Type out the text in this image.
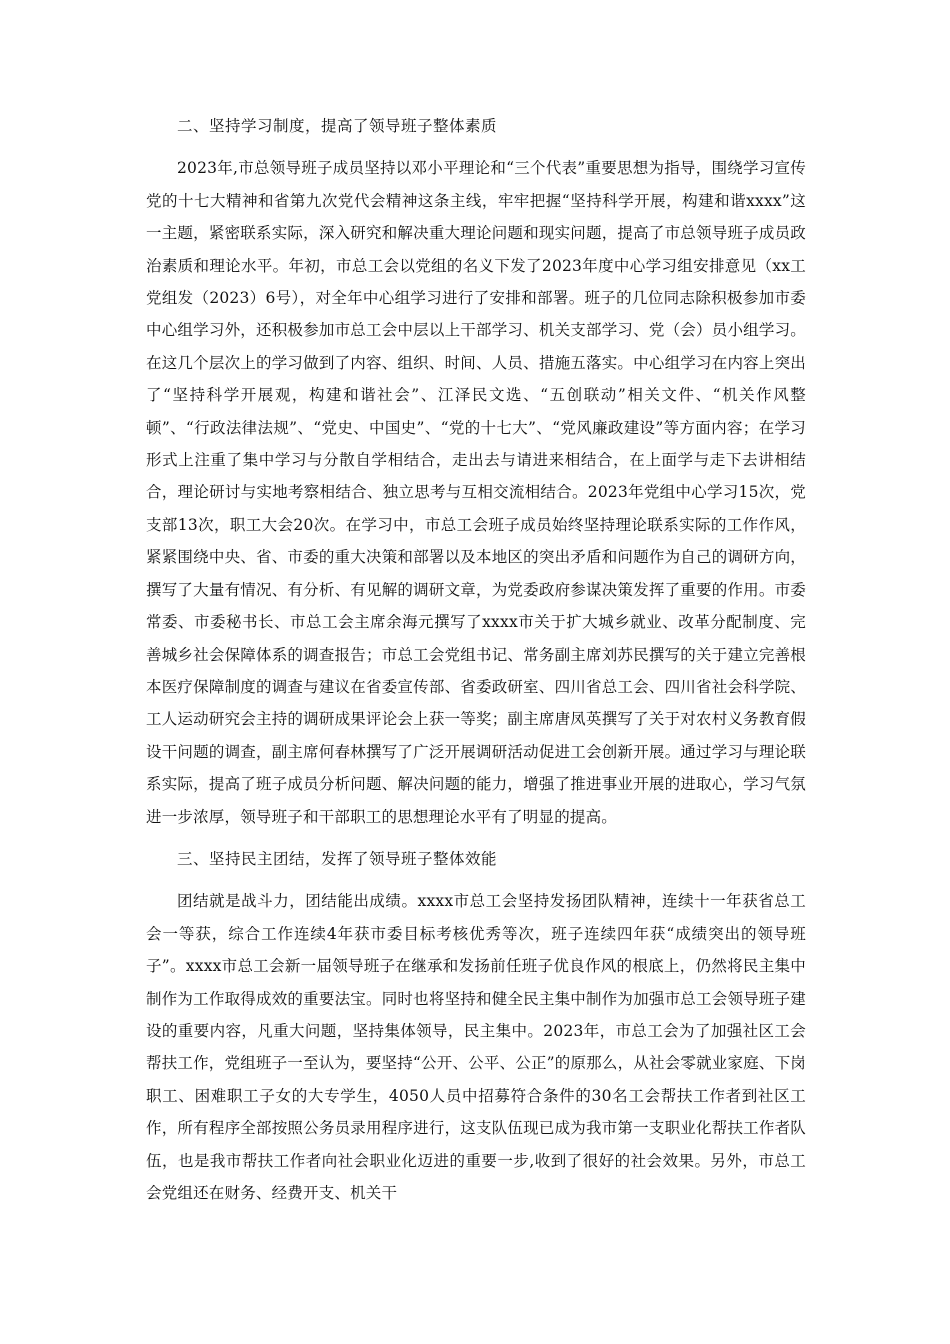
二、坚持学习制度，提高了领导班子整体素质

2023年,市总领导班子成员坚持以邓小平理论和“三个代表”重要思想为指导，围绕学习宣传党的十七大精神和省第九次党代会精神这条主线，牢牢把握“坚持科学开展，构建和谐xxxx”这一主题，紧密联系实际，深入研究和解决重大理论问题和现实问题，提高了市总领导班子成员政治素质和理论水平。年初，市总工会以党组的名义下发了2023年度中心学习组安排意见（xx工党组发（2023）6号），对全年中心组学习进行了安排和部署。班子的几位同志除积极参加市委中心组学习外，还积极参加市总工会中层以上干部学习、机关支部学习、党（会）员小组学习。在这几个层次上的学习做到了内容、组织、时间、人员、措施五落实。中心组学习在内容上突出了“坚持科学开展观，构建和谐社会”、江泽民文选、“五创联动”相关文件、“机关作风整顿”、“行政法律法规”、“党史、中国史”、“党的十七大”、“党风廉政建设”等方面内容；在学习形式上注重了集中学习与分散自学相结合，走出去与请进来相结合，在上面学与走下去讲相结合，理论研讨与实地考察相结合、独立思考与互相交流相结合。2023年党组中心学习15次，党支部13次，职工大会20次。在学习中，市总工会班子成员始终坚持理论联系实际的工作作风，紧紧围绕中央、省、市委的重大决策和部署以及本地区的突出矛盾和问题作为自己的调研方向，撰写了大量有情况、有分析、有见解的调研文章，为党委政府参谋决策发挥了重要的作用。市委常委、市委秘书长、市总工会主席余海元撰写了xxxx市关于扩大城乡就业、改革分配制度、完善城乡社会保障体系的调查报告；市总工会党组书记、常务副主席刘苏民撰写的关于建立完善根本医疗保障制度的调查与建议在省委宣传部、省委政研室、四川省总工会、四川省社会科学院、工人运动研究会主持的调研成果评论会上获一等奖；副主席唐凤英撰写了关于对农村义务教育假设干问题的调查，副主席何春林撰写了广泛开展调研活动促进工会创新开展。通过学习与理论联系实际，提高了班子成员分析问题、解决问题的能力，增强了推进事业开展的进取心，学习气氛进一步浓厚，领导班子和干部职工的思想理论水平有了明显的提高。

三、坚持民主团结，发挥了领导班子整体效能

团结就是战斗力，团结能出成绩。xxxx市总工会坚持发扬团队精神，连续十一年获省总工会一等获，综合工作连续4年获市委目标考核优秀等次，班子连续四年获“成绩突出的领导班子”。xxxx市总工会新一届领导班子在继承和发扬前任班子优良作风的根底上，仍然将民主集中制作为工作取得成效的重要法宝。同时也将坚持和健全民主集中制作为加强市总工会领导班子建设的重要内容，凡重大问题，坚持集体领导，民主集中。2023年，市总工会为了加强社区工会帮扶工作，党组班子一至认为，要坚持“公开、公平、公正”的原那么，从社会零就业家庭、下岗职工、困难职工子女的大专学生，4050人员中招募符合条件的30名工会帮扶工作者到社区工作，所有程序全部按照公务员录用程序进行，这支队伍现已成为我市第一支职业化帮扶工作者队伍，也是我市帮扶工作者向社会职业化迈进的重要一步,收到了很好的社会效果。另外，市总工会党组还在财务、经费开支、机关干
